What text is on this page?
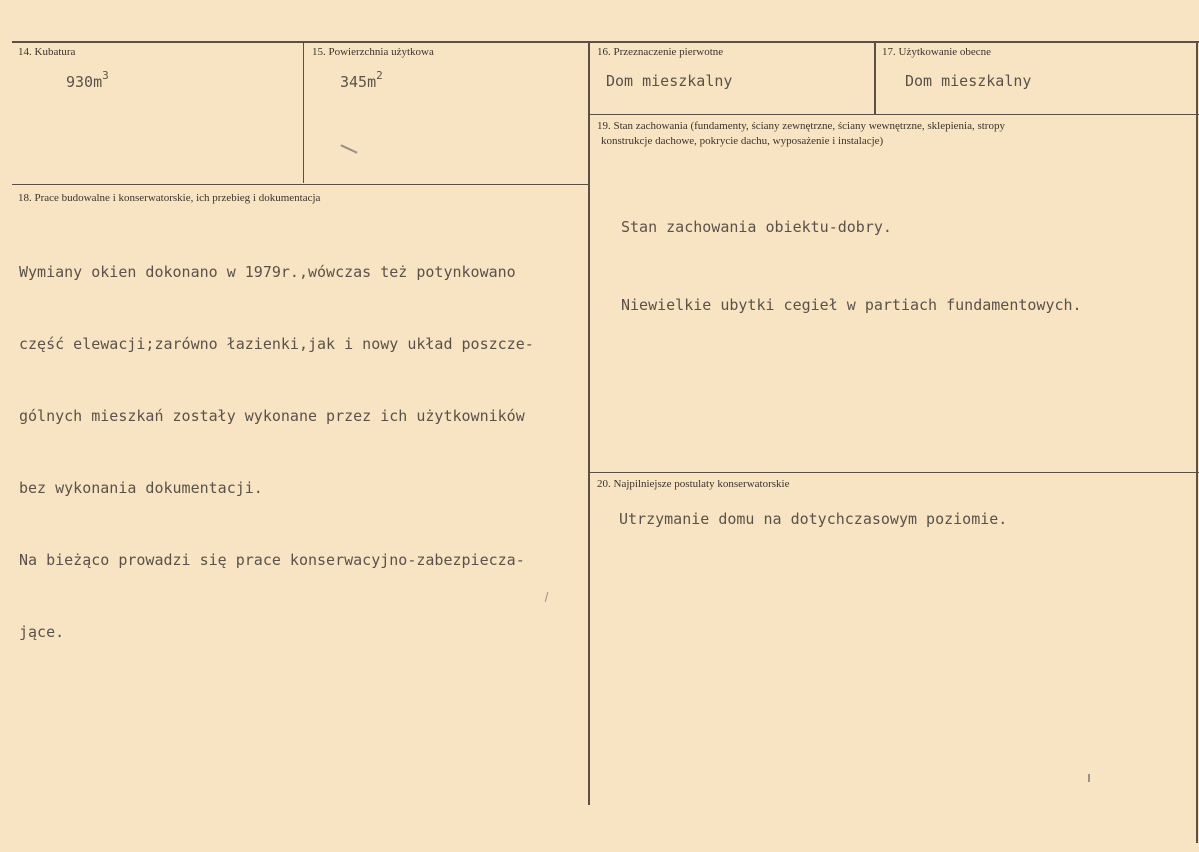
14. Kubatura
$930m^3$
15. Powierzchnia użytkowa
$345m^2$
16. Przeznaczenie pierwotne
Dom mieszkalny
17. Użytkowanie obecne
Dom mieszkalny
18. Prace budowalne i konserwatorskie, ich przebieg i dokumentacja

Wymiany okien dokonano w 1979r.,wówczas też potynkowano

część elewacji;zarówno łazienki,jak i nowy układ poszcze-

gólnych mieszkań zostały wykonane przez ich użytkowników

bez wykonania dokumentacji.

Na bieżąco prowadzi się prace konserwacyjno-zabezpiecza-

jące.

19. Stan zachowania (fundamenty, ściany zewnętrzne, ściany wewnętrzne, sklepienia, stropy
konstrukcje dachowe, pokrycie dachu, wyposażenie i instalacje)

Stan zachowania obiektu-dobry.

Niewielkie ubytki cegieł w partiach fundamentowych.

20. Najpilniejsze postulaty konserwatorskie
Utrzymanie domu na dotychczasowym poziomie.
